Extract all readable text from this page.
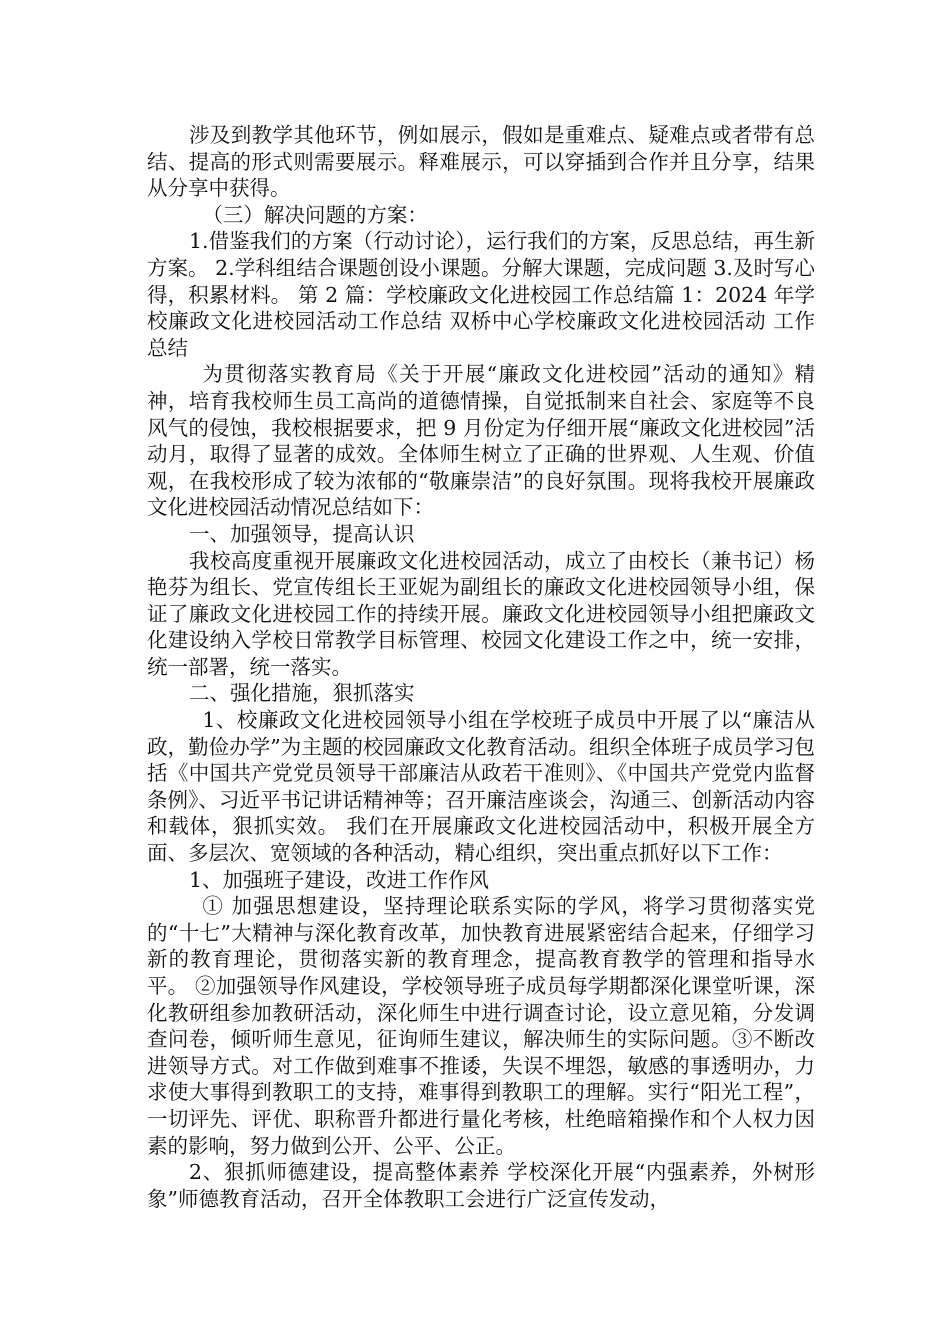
涉及到教学其他环节，例如展示，假如是重难点、疑难点或者带有总结、提高的形式则需要展示。释难展示，可以穿插到合作并且分享，结果从分享中获得。

（三）解决问题的方案：

1.借鉴我们的方案（行动讨论），运行我们的方案，反思总结，再生新方案。 2.学科组结合课题创设小课题。分解大课题，完成问题 3.及时写心得，积累材料。 第 2 篇：学校廉政文化进校园工作总结篇 1：2024 年学校廉政文化进校园活动工作总结 双桥中心学校廉政文化进校园活动 工作总结

为贯彻落实教育局《关于开展“廉政文化进校园”活动的通知》精神，培育我校师生员工高尚的道德情操，自觉抵制来自社会、家庭等不良风气的侵蚀，我校根据要求，把 9 月份定为仔细开展“廉政文化进校园”活动月，取得了显著的成效。全体师生树立了正确的世界观、人生观、价值观，在我校形成了较为浓郁的“敬廉崇洁”的良好氛围。现将我校开展廉政文化进校园活动情况总结如下：

一、加强领导，提高认识

我校高度重视开展廉政文化进校园活动，成立了由校长（兼书记）杨艳芬为组长、党宣传组长王亚妮为副组长的廉政文化进校园领导小组，保证了廉政文化进校园工作的持续开展。廉政文化进校园领导小组把廉政文化建设纳入学校日常教学目标管理、校园文化建设工作之中，统一安排，统一部署，统一落实。

二、强化措施，狠抓落实

1、校廉政文化进校园领导小组在学校班子成员中开展了以“廉洁从政，勤俭办学”为主题的校园廉政文化教育活动。组织全体班子成员学习包括《中国共产党党员领导干部廉洁从政若干准则》、《中国共产党党内监督条例》、习近平书记讲话精神等；召开廉洁座谈会，沟通三、创新活动内容和载体，狠抓实效。 我们在开展廉政文化进校园活动中，积极开展全方面、多层次、宽领域的各种活动，精心组织，突出重点抓好以下工作：

1、加强班子建设，改进工作作风

① 加强思想建设，坚持理论联系实际的学风，将学习贯彻落实党的“十七”大精神与深化教育改革，加快教育进展紧密结合起来，仔细学习新的教育理论，贯彻落实新的教育理念，提高教育教学的管理和指导水平。 ②加强领导作风建设，学校领导班子成员每学期都深化课堂听课，深化教研组参加教研活动，深化师生中进行调查讨论，设立意见箱，分发调查问卷，倾听师生意见，征询师生建议，解决师生的实际问题。③不断改进领导方式。对工作做到难事不推诿，失误不埋怨，敏感的事透明办，力求使大事得到教职工的支持，难事得到教职工的理解。实行“阳光工程”，一切评先、评优、职称晋升都进行量化考核，杜绝暗箱操作和个人权力因素的影响，努力做到公开、公平、公正。

2、狠抓师德建设，提高整体素养 学校深化开展“内强素养，外树形象”师德教育活动，召开全体教职工会进行广泛宣传发动，
